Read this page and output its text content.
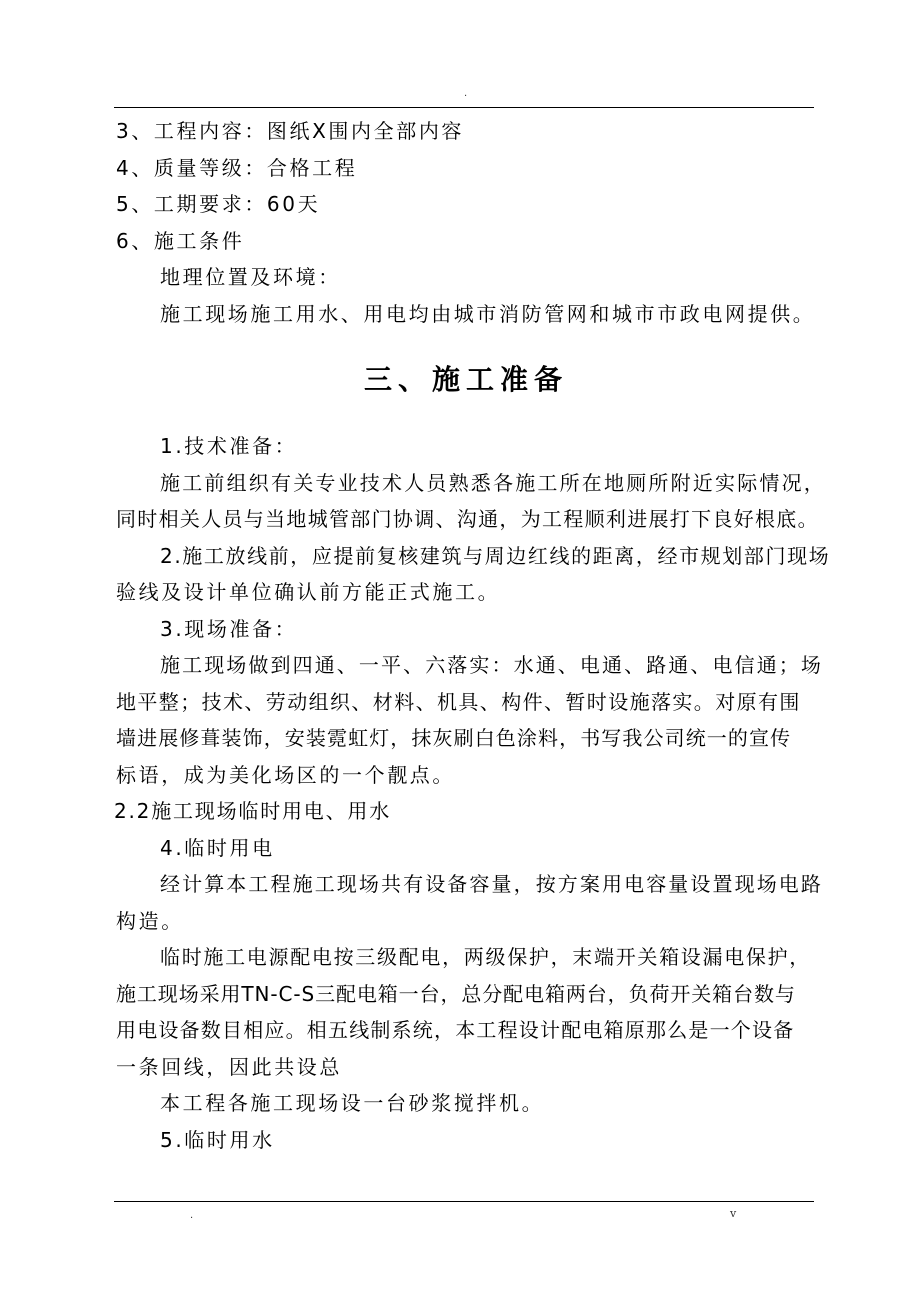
.
3、工程内容：图纸X围内全部内容
4、质量等级：合格工程
5、工期要求：60天
6、施工条件
地理位置及环境：
施工现场施工用水、用电均由城市消防管网和城市市政电网提供。
三、施工准备
1.技术准备：
施工前组织有关专业技术人员熟悉各施工所在地厕所附近实际情况，
同时相关人员与当地城管部门协调、沟通，为工程顺利进展打下良好根底。
2.施工放线前，应提前复核建筑与周边红线的距离，经市规划部门现场
验线及设计单位确认前方能正式施工。
3.现场准备：
施工现场做到四通、一平、六落实：水通、电通、路通、电信通；场
地平整；技术、劳动组织、材料、机具、构件、暂时设施落实。对原有围
墙进展修葺装饰，安装霓虹灯，抹灰刷白色涂料，书写我公司统一的宣传
标语，成为美化场区的一个靓点。
2.2施工现场临时用电、用水
4.临时用电
经计算本工程施工现场共有设备容量，按方案用电容量设置现场电路
构造。
临时施工电源配电按三级配电，两级保护，末端开关箱设漏电保护，
施工现场采用TN-C-S三配电箱一台，总分配电箱两台，负荷开关箱台数与
用电设备数目相应。相五线制系统，本工程设计配电箱原那么是一个设备
一条回线，因此共设总
本工程各施工现场设一台砂浆搅拌机。
5.临时用水
.	v
